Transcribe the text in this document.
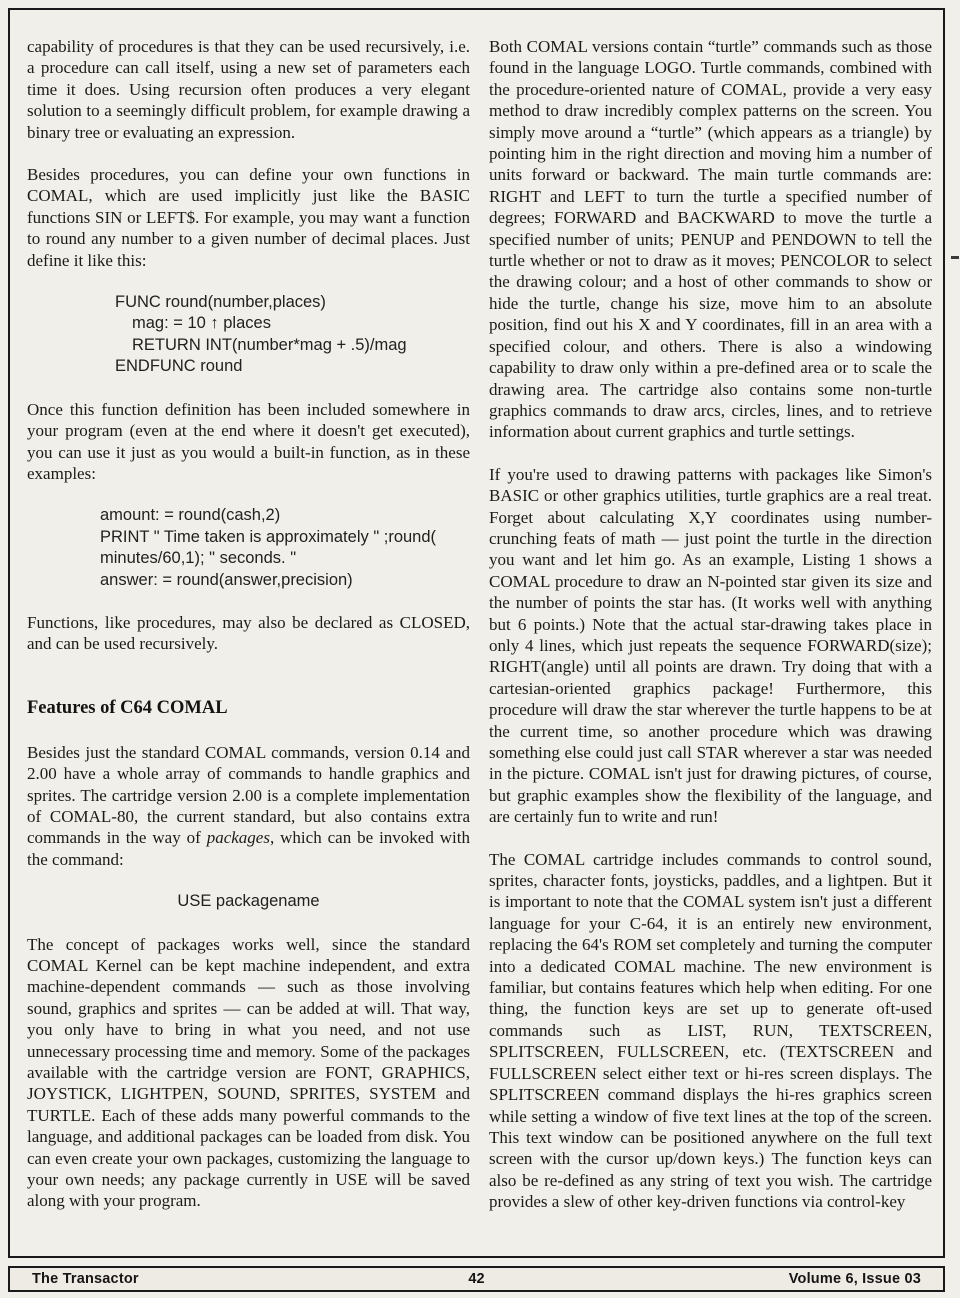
capability of procedures is that they can be used recursively, i.e. a procedure can call itself, using a new set of parameters each time it does. Using recursion often produces a very elegant solution to a seemingly difficult problem, for example drawing a binary tree or evaluating an expression.

Besides procedures, you can define your own functions in COMAL, which are used implicitly just like the BASIC functions SIN or LEFT$. For example, you may want a function to round any number to a given number of decimal places. Just define it like this:

FUNC round(number,places)
mag: = 10 ↑ places
RETURN INT(number*mag + .5)/mag
ENDFUNC round

Once this function definition has been included somewhere in your program (even at the end where it doesn't get executed), you can use it just as you would a built-in function, as in these examples:

amount: = round(cash,2)
PRINT " Time taken is approximately " ;round(
minutes/60,1); " seconds. "
answer: = round(answer,precision)

Functions, like procedures, may also be declared as CLOSED, and can be used recursively.

Features of C64 COMAL

Besides just the standard COMAL commands, version 0.14 and 2.00 have a whole array of commands to handle graphics and sprites. The cartridge version 2.00 is a complete implementation of COMAL-80, the current standard, but also contains extra commands in the way of packages, which can be invoked with the command:

USE packagename

The concept of packages works well, since the standard COMAL Kernel can be kept machine independent, and extra machine-dependent commands — such as those involving sound, graphics and sprites — can be added at will. That way, you only have to bring in what you need, and not use unnecessary processing time and memory. Some of the packages available with the cartridge version are FONT, GRAPHICS, JOYSTICK, LIGHTPEN, SOUND, SPRITES, SYSTEM and TURTLE. Each of these adds many powerful commands to the language, and additional packages can be loaded from disk. You can even create your own packages, customizing the language to your own needs; any package currently in USE will be saved along with your program.

Both COMAL versions contain “turtle” commands such as those found in the language LOGO. Turtle commands, combined with the procedure-oriented nature of COMAL, provide a very easy method to draw incredibly complex patterns on the screen. You simply move around a “turtle” (which appears as a triangle) by pointing him in the right direction and moving him a number of units forward or backward. The main turtle commands are: RIGHT and LEFT to turn the turtle a specified number of degrees; FORWARD and BACKWARD to move the turtle a specified number of units; PENUP and PENDOWN to tell the turtle whether or not to draw as it moves; PENCOLOR to select the drawing colour; and a host of other commands to show or hide the turtle, change his size, move him to an absolute position, find out his X and Y coordinates, fill in an area with a specified colour, and others. There is also a windowing capability to draw only within a pre-defined area or to scale the drawing area. The cartridge also contains some non-turtle graphics commands to draw arcs, circles, lines, and to retrieve information about current graphics and turtle settings.

If you're used to drawing patterns with packages like Simon's BASIC or other graphics utilities, turtle graphics are a real treat. Forget about calculating X,Y coordinates using number-crunching feats of math — just point the turtle in the direction you want and let him go. As an example, Listing 1 shows a COMAL procedure to draw an N-pointed star given its size and the number of points the star has. (It works well with anything but 6 points.) Note that the actual star-drawing takes place in only 4 lines, which just repeats the sequence FORWARD(size); RIGHT(angle) until all points are drawn. Try doing that with a cartesian-oriented graphics package! Furthermore, this procedure will draw the star wherever the turtle happens to be at the current time, so another procedure which was drawing something else could just call STAR wherever a star was needed in the picture. COMAL isn't just for drawing pictures, of course, but graphic examples show the flexibility of the language, and are certainly fun to write and run!

The COMAL cartridge includes commands to control sound, sprites, character fonts, joysticks, paddles, and a lightpen. But it is important to note that the COMAL system isn't just a different language for your C-64, it is an entirely new environment, replacing the 64's ROM set completely and turning the computer into a dedicated COMAL machine. The new environment is familiar, but contains features which help when editing. For one thing, the function keys are set up to generate oft-used commands such as LIST, RUN, TEXTSCREEN, SPLITSCREEN, FULLSCREEN, etc. (TEXTSCREEN and FULLSCREEN select either text or hi-res screen displays. The SPLITSCREEN command displays the hi-res graphics screen while setting a window of five text lines at the top of the screen. This text window can be positioned anywhere on the full text screen with the cursor up/down keys.) The function keys can also be re-defined as any string of text you wish. The cartridge provides a slew of other key-driven functions via control-key

The Transactor	42	Volume 6, Issue 03
